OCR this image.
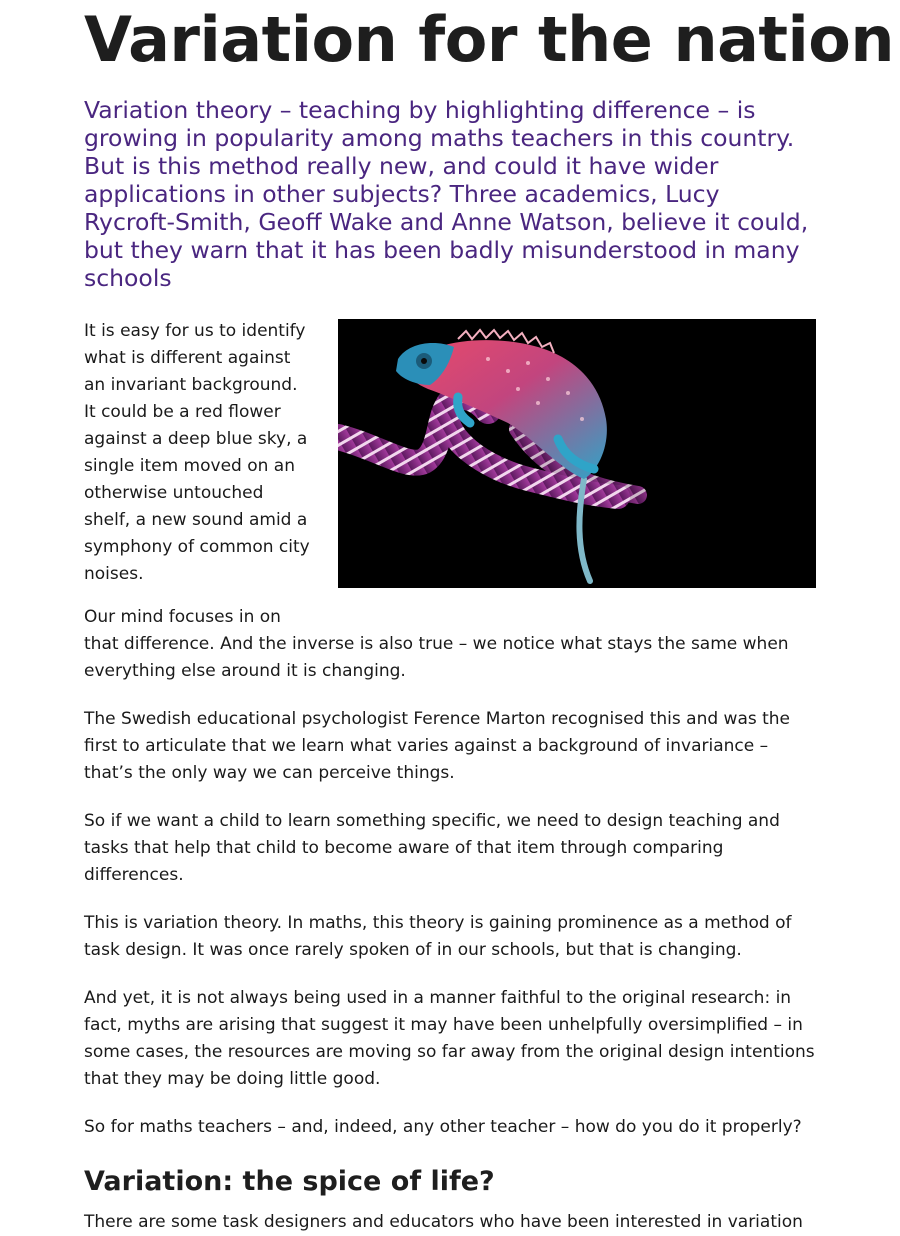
Variation for the nation

Variation theory – teaching by highlighting difference – is growing in popularity among maths teachers in this country. But is this method really new, and could it have wider applications in other subjects? Three academics, Lucy Rycroft-Smith, Geoff Wake and Anne Watson, believe it could, but they warn that it has been badly misunderstood in many schools

It is easy for us to identify what is different against an invariant background. It could be a red flower against a deep blue sky, a single item moved on an otherwise untouched shelf, a new sound amid a symphony of common city noises.

Our mind focuses in on
that difference. And the inverse is also true – we notice what stays the same when everything else around it is changing.

The Swedish educational psychologist Ference Marton recognised this and was the first to articulate that we learn what varies against a background of invariance – that’s the only way we can perceive things.

So if we want a child to learn something specific, we need to design teaching and tasks that help that child to become aware of that item through comparing differences.

This is variation theory. In maths, this theory is gaining prominence as a method of task design. It was once rarely spoken of in our schools, but that is changing.

And yet, it is not always being used in a manner faithful to the original research: in fact, myths are arising that suggest it may have been unhelpfully oversimplified – in some cases, the resources are moving so far away from the original design intentions that they may be doing little good.

So for maths teachers – and, indeed, any other teacher – how do you do it properly?

Variation: the spice of life?

There are some task designers and educators who have been interested in variation
